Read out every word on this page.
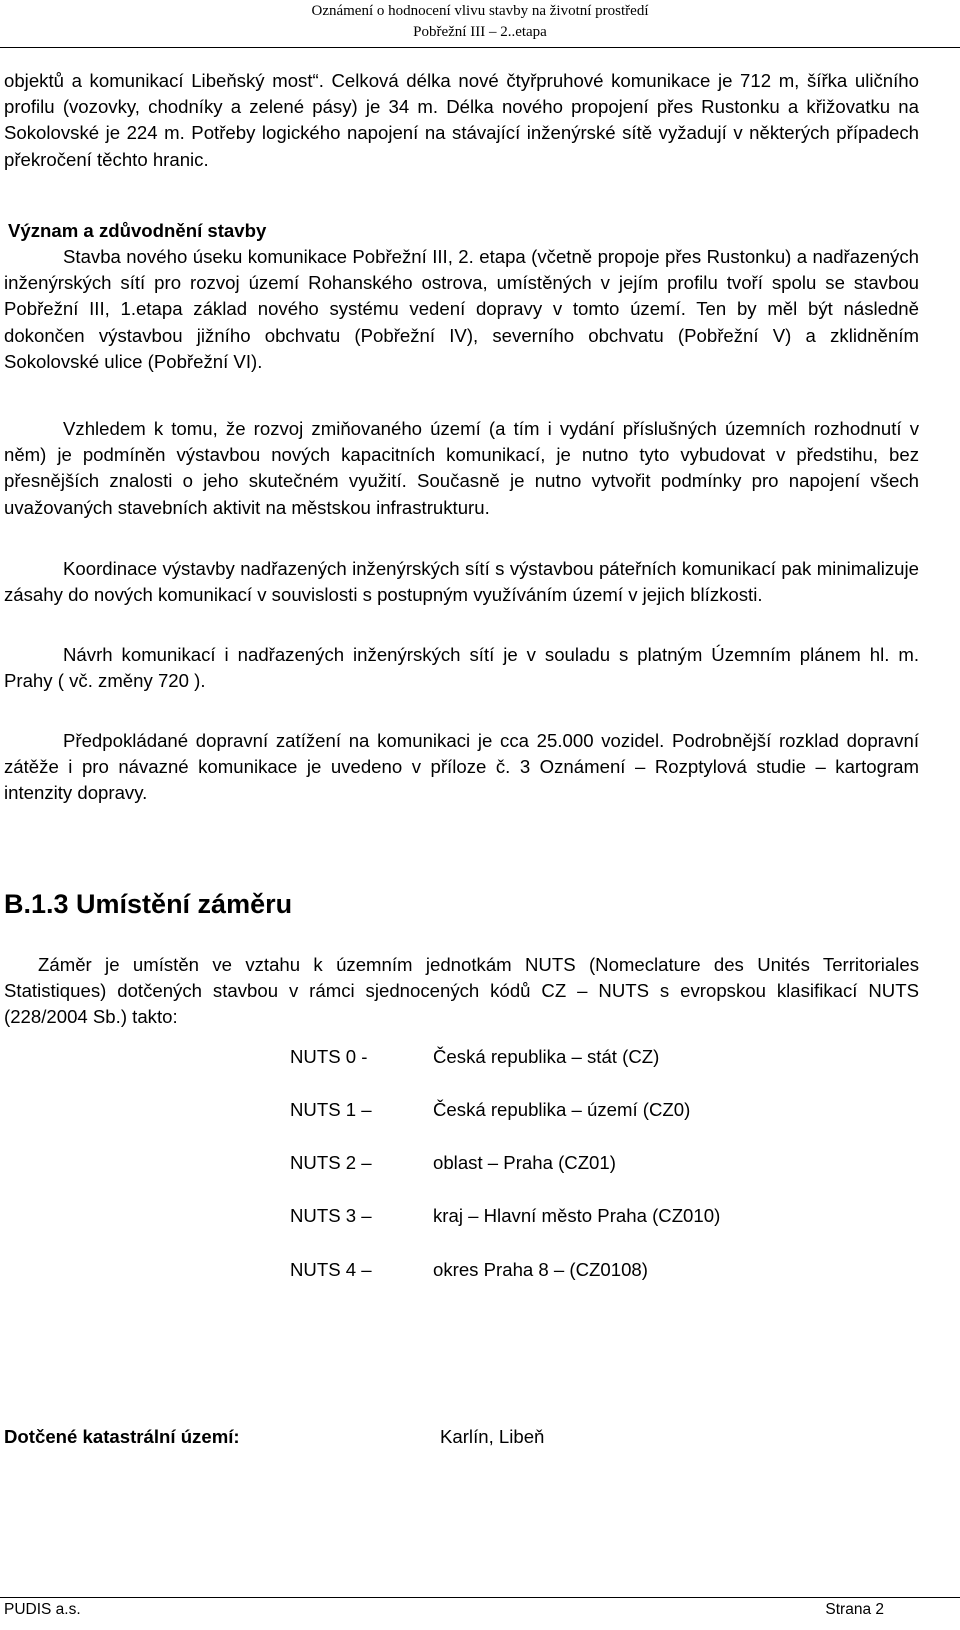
Oznámení o hodnocení vlivu stavby na životní prostředí
Pobřežní III – 2..etapa
objektů a komunikací Libeňský most“. Celková délka nové čtyřpruhové komunikace je 712 m, šířka uličního profilu (vozovky, chodníky a zelené pásy) je 34 m. Délka nového propojení přes Rustonku a křižovatku na Sokolovské je 224 m. Potřeby logického napojení na stávající inženýrské sítě vyžadují v některých případech překročení těchto hranic.
Význam a zdůvodnění stavby
Stavba nového úseku komunikace Pobřežní III, 2. etapa (včetně propoje přes Rustonku) a nadřazených inženýrských sítí pro rozvoj území Rohanského ostrova, umístěných v jejím profilu tvoří spolu se stavbou Pobřežní III, 1.etapa základ nového systému vedení dopravy v tomto území. Ten by měl být následně dokončen výstavbou jižního obchvatu (Pobřežní IV), severního obchvatu (Pobřežní V) a zklidněním Sokolovské ulice (Pobřežní VI).
Vzhledem k tomu, že rozvoj zmiňovaného území (a tím i vydání příslušných územních rozhodnutí v něm) je podmíněn výstavbou nových kapacitních komunikací, je nutno tyto vybudovat v předstihu, bez přesnějších znalosti o jeho skutečném využití. Současně je nutno vytvořit podmínky pro napojení všech uvažovaných stavebních aktivit na městskou infrastrukturu.
Koordinace výstavby nadřazených inženýrských sítí s výstavbou páteřních komunikací pak minimalizuje zásahy do nových komunikací v souvislosti s postupným využíváním území v jejich blízkosti.
Návrh komunikací i nadřazených inženýrských sítí je v souladu s platným Územním plánem hl. m. Prahy ( vč. změny 720 ).
Předpokládané dopravní zatížení na komunikaci je cca 25.000 vozidel. Podrobnější rozklad dopravní zátěže i pro návazné komunikace je uvedeno v příloze č. 3 Oznámení – Rozptylová studie – kartogram intenzity dopravy.
B.1.3 Umístění záměru
Záměr je umístěn ve vztahu k územním jednotkám NUTS (Nomeclature des Unités Territoriales Statistiques) dotčených stavbou v rámci sjednocených kódů CZ – NUTS s evropskou klasifikací NUTS (228/2004 Sb.) takto:
NUTS 0 -	Česká republika – stát (CZ)
NUTS 1 –	Česká republika – území (CZ0)
NUTS 2 –	oblast – Praha (CZ01)
NUTS 3 –	kraj – Hlavní město Praha (CZ010)
NUTS 4 –	okres Praha 8 – (CZ0108)
Dotčené katastrální území:	Karlín, Libeň
PUDIS a.s.	Strana 2
